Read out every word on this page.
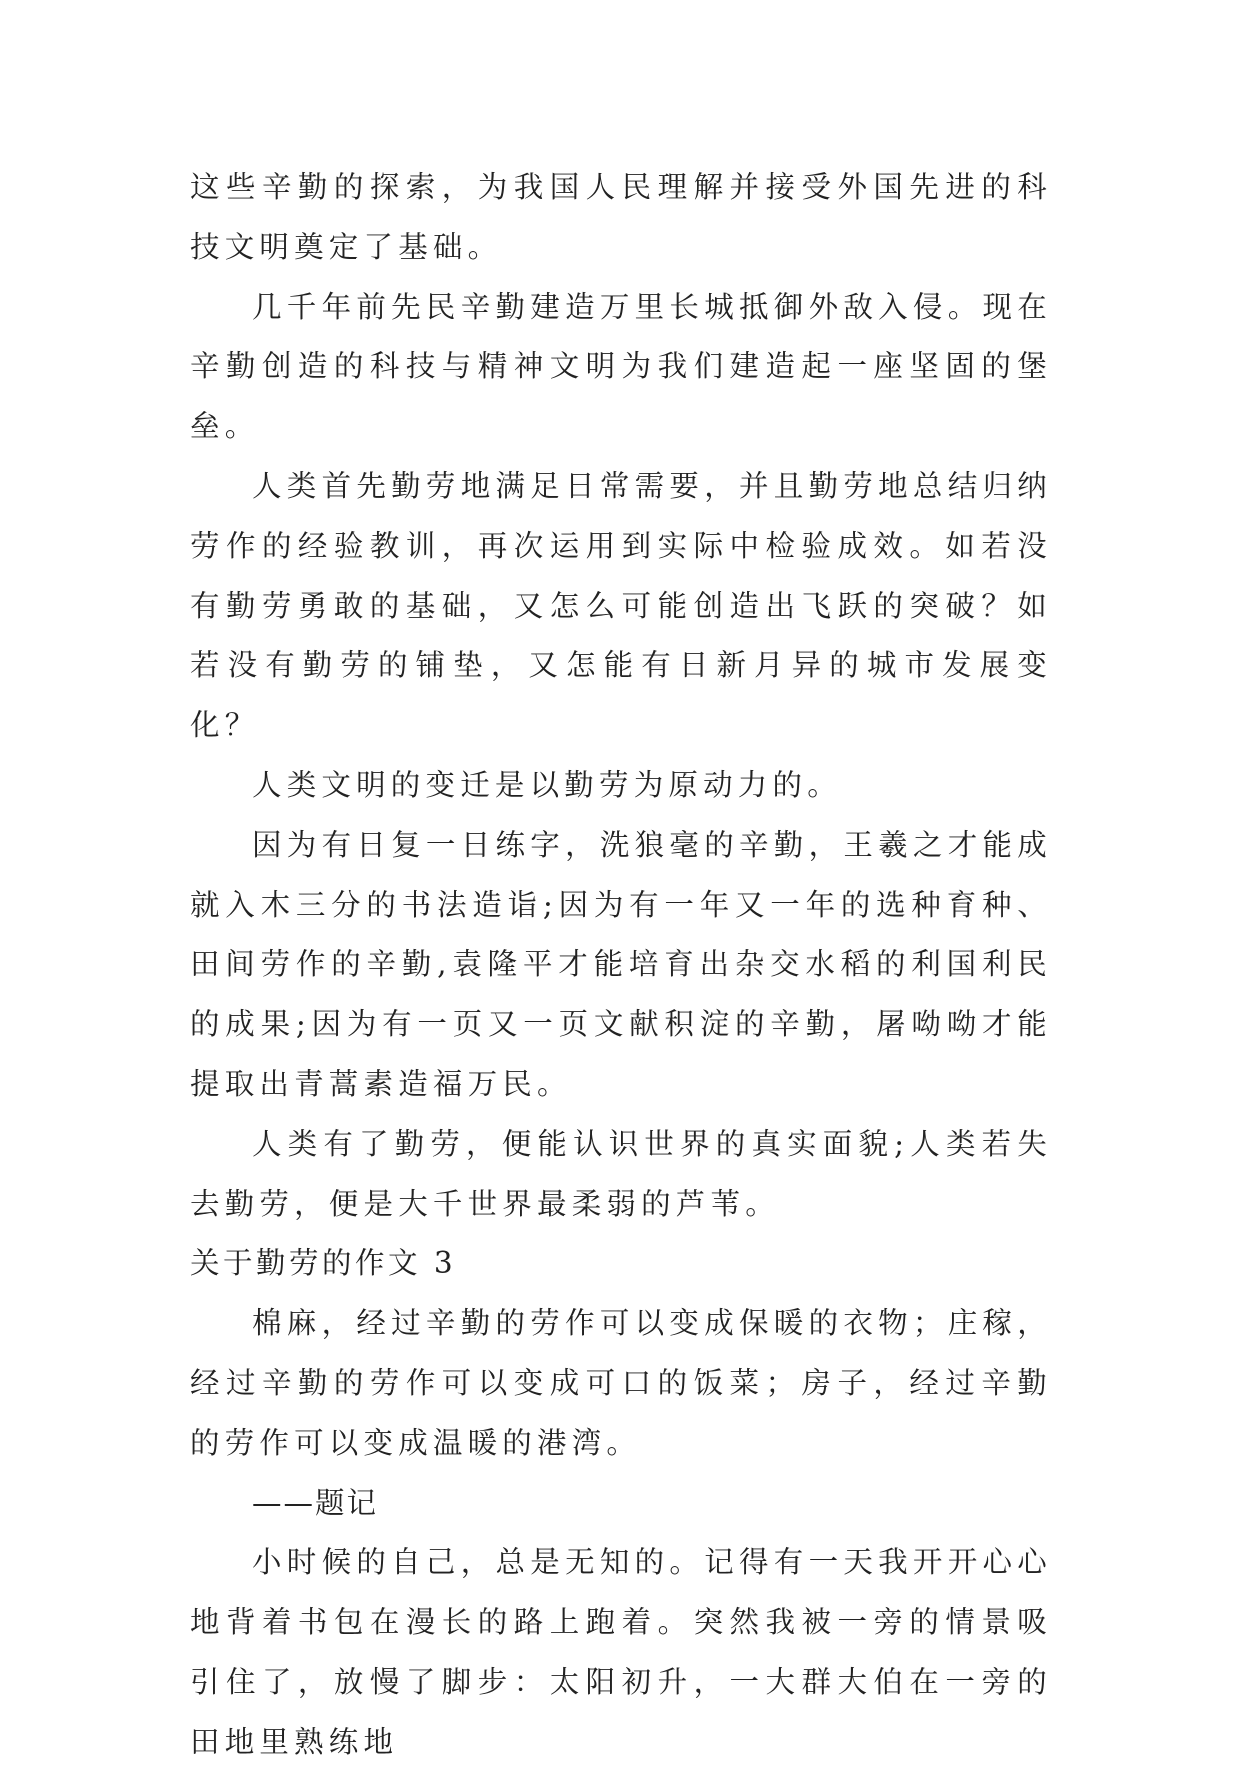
这些辛勤的探索，为我国人民理解并接受外国先进的科技文明奠定了基础。

几千年前先民辛勤建造万里长城抵御外敌入侵。现在辛勤创造的科技与精神文明为我们建造起一座坚固的堡垒。

人类首先勤劳地满足日常需要，并且勤劳地总结归纳劳作的经验教训，再次运用到实际中检验成效。如若没有勤劳勇敢的基础，又怎么可能创造出飞跃的突破？如若没有勤劳的铺垫，又怎能有日新月异的城市发展变化？

人类文明的变迁是以勤劳为原动力的。

因为有日复一日练字，洗狼毫的辛勤，王羲之才能成就入木三分的书法造诣;因为有一年又一年的选种育种、田间劳作的辛勤,袁隆平才能培育出杂交水稻的利国利民的成果;因为有一页又一页文献积淀的辛勤，屠呦呦才能提取出青蒿素造福万民。

人类有了勤劳，便能认识世界的真实面貌;人类若失去勤劳，便是大千世界最柔弱的芦苇。

关于勤劳的作文 3

棉麻，经过辛勤的劳作可以变成保暖的衣物；庄稼，经过辛勤的劳作可以变成可口的饭菜；房子，经过辛勤的劳作可以变成温暖的港湾。

——题记

小时候的自己，总是无知的。记得有一天我开开心心地背着书包在漫长的路上跑着。突然我被一旁的情景吸引住了，放慢了脚步：太阳初升，一大群大伯在一旁的田地里熟练地
